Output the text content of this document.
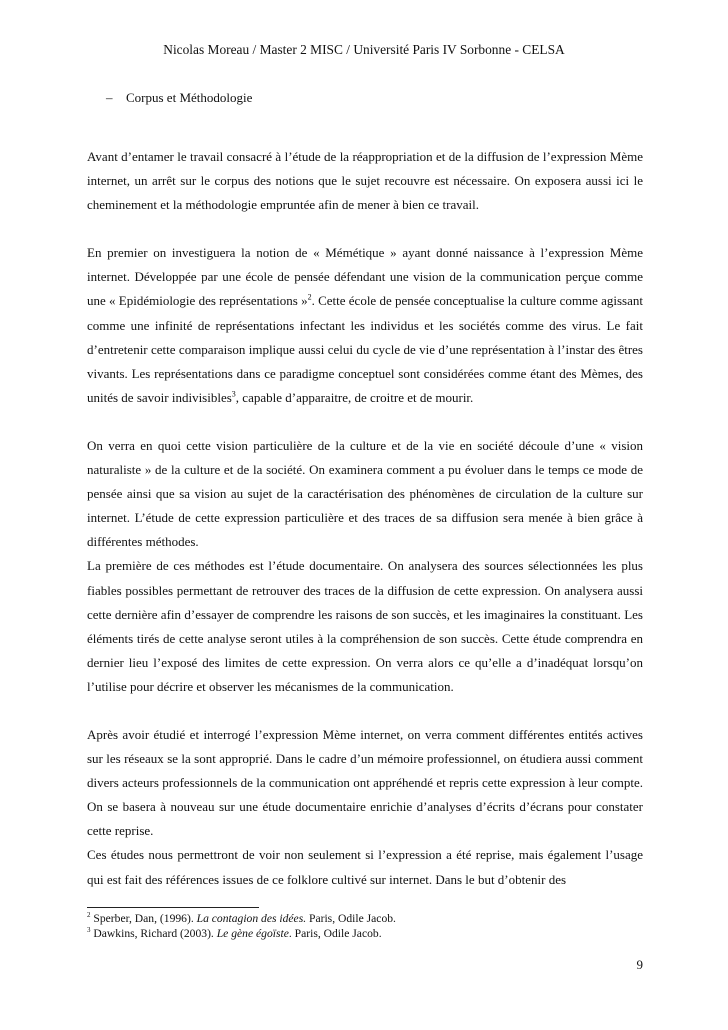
Nicolas Moreau / Master 2 MISC / Université Paris IV Sorbonne - CELSA
– Corpus et Méthodologie

Avant d’entamer le travail consacré à l’étude de la réappropriation et de la diffusion de l’expression Mème internet, un arrêt sur le corpus des notions que le sujet recouvre est nécessaire. On exposera aussi ici le cheminement et la méthodologie empruntée afin de mener à bien ce travail.

En premier on investiguera la notion de « Mémétique » ayant donné naissance à l’expression Mème internet. Développée par une école de pensée défendant une vision de la communication perçue comme une « Epidémiologie des représentations »$^2$. Cette école de pensée conceptualise la culture comme agissant comme une infinité de représentations infectant les individus et les sociétés comme des virus. Le fait d’entretenir cette comparaison implique aussi celui du cycle de vie d’une représentation à l’instar des êtres vivants. Les représentations dans ce paradigme conceptuel sont considérées comme étant des Mèmes, des unités de savoir indivisibles$^3$, capable d’apparaitre, de croitre et de mourir.

On verra en quoi cette vision particulière de la culture et de la vie en société découle d’une « vision naturaliste » de la culture et de la société. On examinera comment a pu évoluer dans le temps ce mode de pensée ainsi que sa vision au sujet de la caractérisation des phénomènes de circulation de la culture sur internet. L’étude de cette expression particulière et des traces de sa diffusion sera menée à bien grâce à différentes méthodes.

La première de ces méthodes est l’étude documentaire. On analysera des sources sélectionnées les plus fiables possibles permettant de retrouver des traces de la diffusion de cette expression. On analysera aussi cette dernière afin d’essayer de comprendre les raisons de son succès, et les imaginaires la constituant. Les éléments tirés de cette analyse seront utiles à la compréhension de son succès. Cette étude comprendra en dernier lieu l’exposé des limites de cette expression. On verra alors ce qu’elle a d’inadéquat lorsqu’on l’utilise pour décrire et observer les mécanismes de la communication.

Après avoir étudié et interrogé l’expression Mème internet, on verra comment différentes entités actives sur les réseaux se la sont approprié. Dans le cadre d’un mémoire professionnel, on étudiera aussi comment divers acteurs professionnels de la communication ont appréhendé et repris cette expression à leur compte. On se basera à nouveau sur une étude documentaire enrichie d’analyses d’écrits d’écrans pour constater cette reprise.

Ces études nous permettront de voir non seulement si l’expression a été reprise, mais également l’usage qui est fait des références issues de ce folklore cultivé sur internet. Dans le but d’obtenir des

$^2$ Sperber, Dan, (1996). La contagion des idées. Paris, Odile Jacob.
$^3$ Dawkins, Richard (2003). Le gène égoïste. Paris, Odile Jacob.
9
